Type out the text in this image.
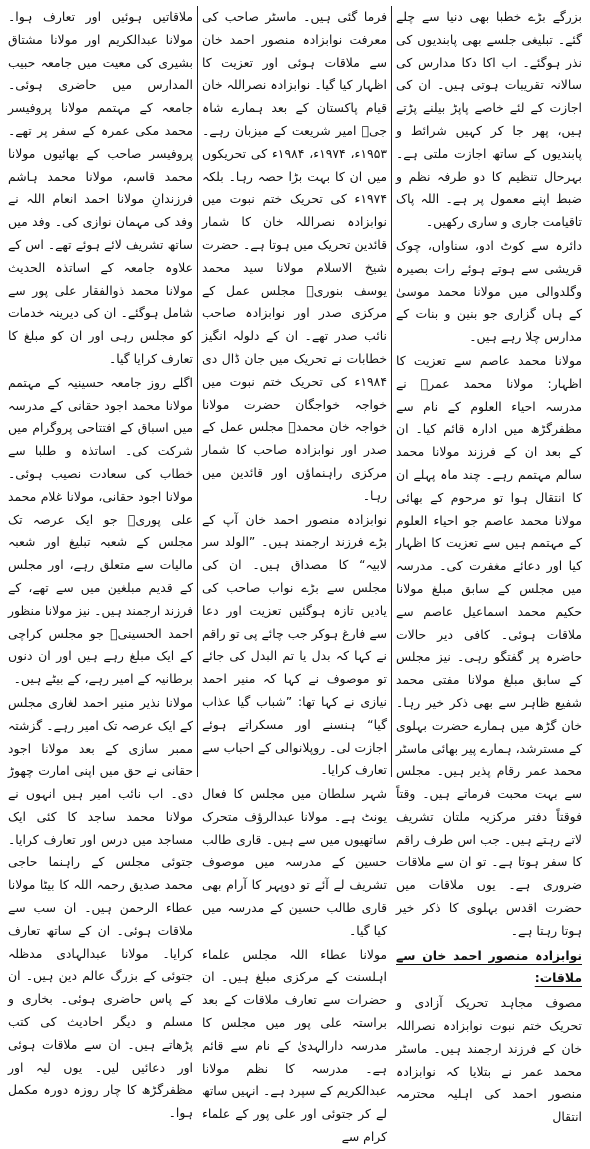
بزرگے بڑے خطبا بھی دنیا سے چلے گئے۔ تبلیغی جلسے بھی پابندیوں کی نذر ہوگئے۔ اب اکا دکا مدارس کی سالانہ تقریبات ہوتی ہیں۔ ان کی اجازت کے لئے خاصے پاپڑ بیلنے پڑتے ہیں، پھر جا کر کہیں شرائط و پابندیوں کے ساتھ اجازت ملتی ہے۔ بہرحال تنظیم کا دو طرفہ نظم و ضبط اپنے معمول پر ہے۔ اللہ پاک تاقیامت جاری و ساری رکھیں۔

دائرہ سے کوٹ ادو، سناواں، چوک قریشی سے ہوتے ہوئے رات بصیرہ وگلدوالی میں مولانا محمد موسیٰ کے ہاں گزاری جو بنین و بنات کے مدارس چلا رہے ہیں۔

مولانا محمد عاصم سے تعزیت کا اظہار: مولانا محمد عمرؒ نے مدرسہ احیاء العلوم کے نام سے مظفرگڑھ میں ادارہ قائم کیا۔ ان کے بعد ان کے فرزند مولانا محمد سالم مہتمم رہے۔ چند ماہ پہلے ان کا انتقال ہوا تو مرحوم کے بھائی مولانا محمد عاصم جو احیاء العلوم کے مہتمم ہیں سے تعزیت کا اظہار کیا اور دعائے مغفرت کی۔ مدرسہ میں مجلس کے سابق مبلغ مولانا حکیم محمد اسماعیل عاصم سے ملاقات ہوئی۔ کافی دیر حالات حاضرہ پر گفتگو رہی۔ نیز مجلس کے سابق مبلغ مولانا مفتی محمد شفیع ظاہر سے بھی ذکر خیر رہا۔ خان گڑھ میں ہمارے حضرت بہلوی کے مسترشد، ہمارے پیر بھائی ماسٹر محمد عمر رقام پذیر ہیں۔ مجلس سے بہت محبت فرماتے ہیں۔ وقتاً فوقتاً دفتر مرکزیہ ملتان تشریف لاتے رہتے ہیں۔ جب اس طرف راقم کا سفر ہوتا ہے۔ تو ان سے ملاقات ضروری ہے۔ یوں ملاقات میں حضرت اقدس بہلوی کا ذکر خیر ہوتا رہتا ہے۔

نوابزادہ منصور احمد خان سے ملاقات:

مصوف مجاہد تحریک آزادی و تحریک ختم نبوت نوابزادہ نصراللہ خان کے فرزند ارجمند ہیں۔ ماسٹر محمد عمر نے بتلایا کہ نوابزادہ منصور احمد کی اہلیہ محترمہ انتقال

فرما گئی ہیں۔ ماسٹر صاحب کی معرفت نوابزادہ منصور احمد خان سے ملاقات ہوئی اور تعزیت کا اظہار کیا گیا۔ نوابزادہ نصراللہ خان قیام پاکستان کے بعد ہمارے شاہ جیؒ امیر شریعت کے میزبان رہے۔ ۱۹۵۳ء، ۱۹۷۴ء، ۱۹۸۴ء کی تحریکوں میں ان کا بہت بڑا حصہ رہا۔ بلکہ ۱۹۷۴ء کی تحریک ختم نبوت میں نوابزادہ نصراللہ خان کا شمار قائدین تحریک میں ہوتا ہے۔ حضرت شیخ الاسلام مولانا سید محمد یوسف بنوریؒ مجلس عمل کے مرکزی صدر اور نوابزادہ صاحب نائب صدر تھے۔ ان کے دلولہ انگیز خطابات نے تحریک میں جان ڈال دی ۱۹۸۴ء کی تحریک ختم نبوت میں خواجہ خواجگان حضرت مولانا خواجہ خان محمدؒ مجلس عمل کے صدر اور نوابزادہ صاحب کا شمار مرکزی راہنماؤں اور قائدین میں رہا۔

نوابزادہ منصور احمد خان آپ کے بڑے فرزند ارجمند ہیں۔ ”الولد سر لابیہ“ کا مصداق ہیں۔ ان کی مجلس سے بڑے نواب صاحب کی یادیں تازہ ہوگئیں تعزیت اور دعا سے فارغ ہوکر جب چائے پی تو راقم نے کہا کہ بدل یا تم البدل کی جائے تو موصوف نے کہا کہ منیر احمد نیازی نے کہا تھا: ”شباب گیا عذاب گیا“ ہنسنے اور مسکراتے ہوئے اجازت لی۔ روپلانوالی کے احباب سے تعارف کرایا۔

شہر سلطان میں مجلس کا فعال یونٹ ہے۔ مولانا عبدالرؤف متحرک ساتھیوں میں سے ہیں۔ قاری طالب حسین کے مدرسہ میں موصوف تشریف لے آئے تو دوپہر کا آرام بھی قاری طالب حسین کے مدرسہ میں کیا گیا۔

مولانا عطاء اللہ مجلس علماء اہلسنت کے مرکزی مبلغ ہیں۔ ان حضرات سے تعارف ملاقات کے بعد براستہ علی پور میں مجلس کا مدرسہ دارالہدیٰ کے نام سے قائم ہے۔ مدرسہ کا نظم مولانا عبدالکریم کے سپرد ہے۔ انہیں ساتھ لے کر جتوئی اور علی پور کے علماء کرام سے

ملاقاتیں ہوئیں اور تعارف ہوا۔ مولانا عبدالکریم اور مولانا مشتاق بشیری کی معیت میں جامعہ حبیب المدارس میں حاضری ہوئی۔ جامعہ کے مہتمم مولانا پروفیسر محمد مکی عمرہ کے سفر پر تھے۔ پروفیسر صاحب کے بھائیوں مولانا محمد قاسم، مولانا محمد ہاشم فرزندانِ مولانا احمد انعام اللہ نے وفد کی مہمان نوازی کی۔ وفد میں ساتھ تشریف لائے ہوئے تھے۔ اس کے علاوہ جامعہ کے اساتذہ الحدیث مولانا محمد ذوالفقار علی پور سے شامل ہوگئے۔ ان کی دیرینہ خدمات کو مجلس رہی اور ان کو مبلغ کا تعارف کرایا گیا۔

اگلے روز جامعہ حسینیہ کے مہتمم مولانا محمد اجود حقانی کے مدرسہ میں اسباق کے افتتاحی پروگرام میں شرکت کی۔ اساتذہ و طلبا سے خطاب کی سعادت نصیب ہوئی۔ مولانا اجود حقانی، مولانا غلام محمد علی پوریؒ جو ایک عرصہ تک مجلس کے شعبہ تبلیغ اور شعبہ مالیات سے متعلق رہے، اور مجلس کے قدیم مبلغین میں سے تھے، کے فرزند ارجمند ہیں۔ نیز مولانا منظور احمد الحسینیؒ جو مجلس کراچی کے ایک مبلغ رہے ہیں اور ان دنوں برطانیہ کے امیر رہے، کے بیٹے ہیں۔

مولانا نذیر منیر احمد لغاری مجلس کے ایک عرصہ تک امیر رہے۔ گزشتہ ممبر سازی کے بعد مولانا اجود حقانی نے حق میں اپنی امارت چھوڑ دی۔ اب نائب امیر ہیں انہوں نے مولانا محمد ساجد کا کئی ایک مساجد میں درس اور تعارف کرایا۔ جتوئی مجلس کے راہنما حاجی محمد صدیق رحمہ اللہ کا بیٹا مولانا عطاء الرحمن ہیں۔ ان سب سے ملاقات ہوئی۔ ان کے ساتھ تعارف کرایا۔ مولانا عبدالہادی مدظلہ جتوئی کے بزرگ عالم دین ہیں۔ ان کے پاس حاضری ہوئی۔ بخاری و مسلم و دیگر احادیث کی کتب پڑھاتے ہیں۔ ان سے ملاقات ہوئی اور دعائیں لیں۔ یوں لیہ اور مظفرگڑھ کا چار روزہ دورہ مکمل ہوا۔
